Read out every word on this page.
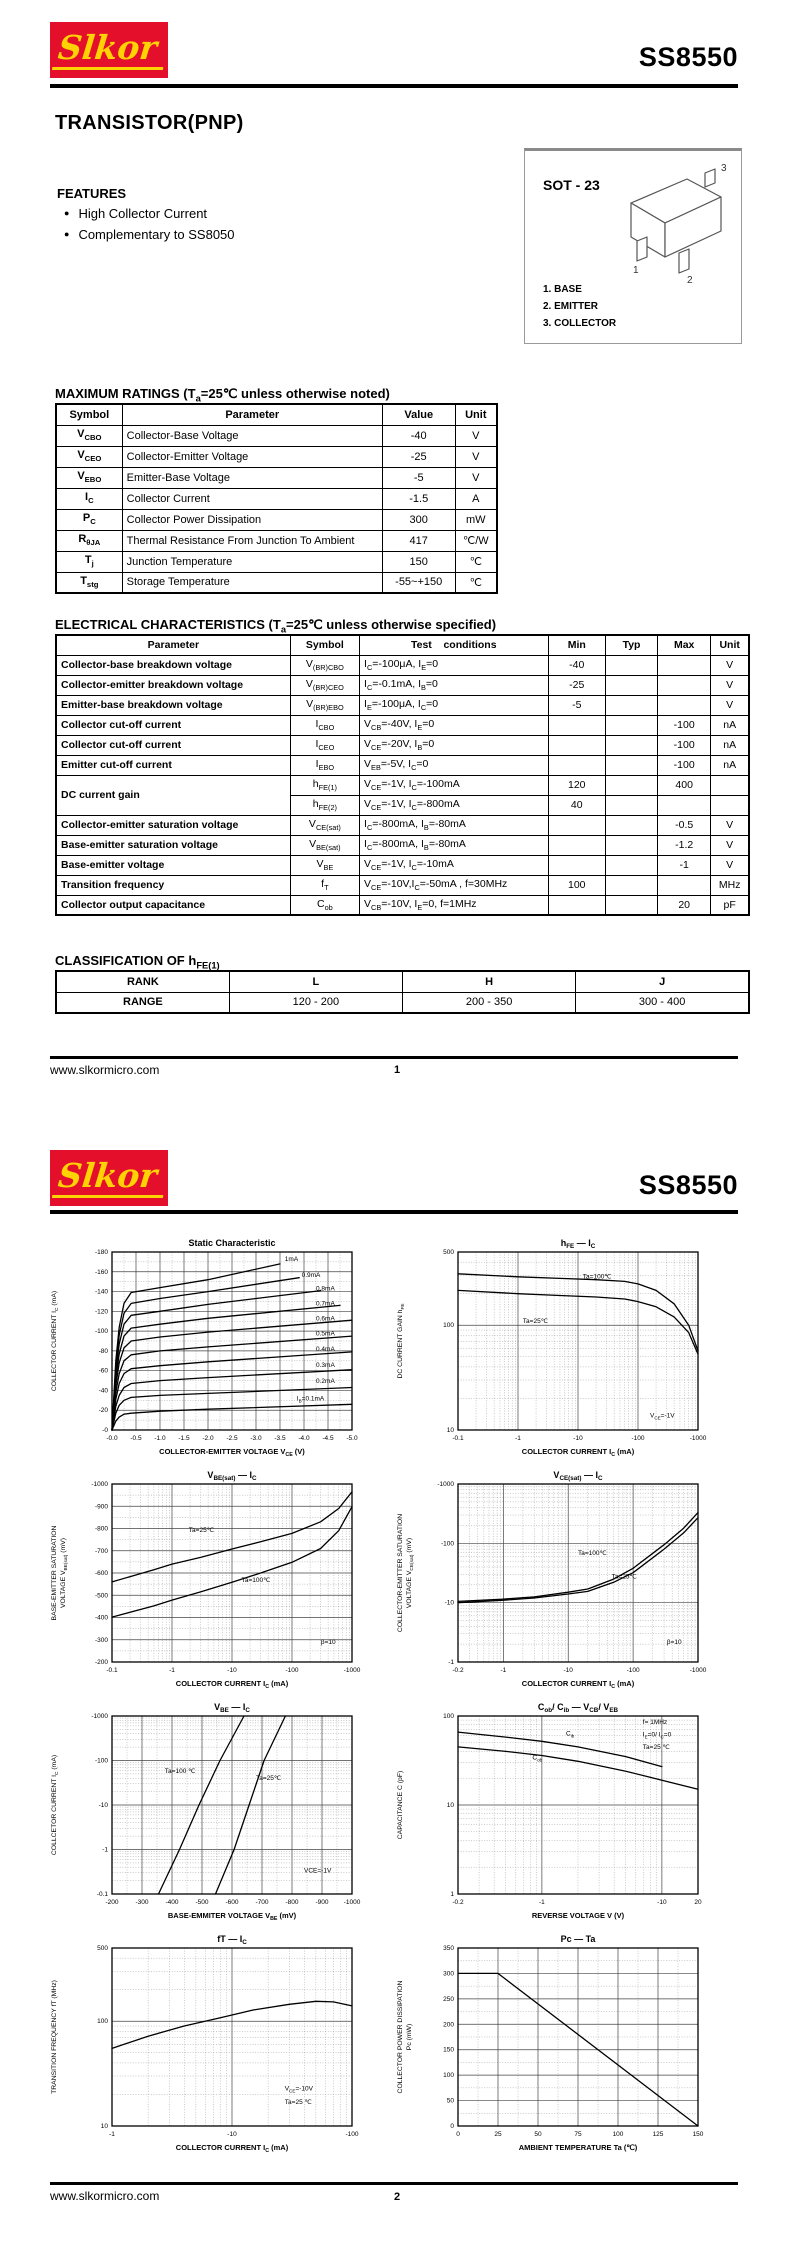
Slkor	SS8550
TRANSISTOR(PNP)
FEATURES
● High Collector Current
● Complementary to SS8050
SOT - 23
1
2
3
1. BASE
2. EMITTER
3. COLLECTOR
MAXIMUM RATINGS ($T_a=25℃$ unless otherwise noted)
Symbol	Parameter	Value	Unit
$V_{CBO}$	Collector-Base Voltage	-40	V
$V_{CEO}$	Collector-Emitter Voltage	-25	V
$V_{EBO}$	Emitter-Base Voltage	-5	V
$I_C$	Collector Current	-1.5	A
$P_C$	Collector Power Dissipation	300	mW
$R_{\theta JA}$	Thermal Resistance From Junction To Ambient	417	℃/W
$T_j$	Junction Temperature	150	℃
$T_{stg}$	Storage Temperature	-55~+150	℃
ELECTRICAL CHARACTERISTICS ($T_a=25℃$ unless otherwise specified)
Parameter	Symbol	Test    conditions	Min	Typ	Max	Unit
Collector-base breakdown voltage	$V_{(BR)CBO}$	$I_C=-100\mu A$, $I_E=0$	-40			V
Collector-emitter breakdown voltage	$V_{(BR)CEO}$	$I_C=-0.1mA$, $I_B=0$	-25			V
Emitter-base breakdown voltage	$V_{(BR)EBO}$	$I_E=-100\mu A$, $I_C=0$	-5			V
Collector cut-off current	$I_{CBO}$	$V_{CB}=-40V$, $I_E=0$			-100	nA
Collector cut-off current	$I_{CEO}$	$V_{CE}=-20V$, $I_B=0$			-100	nA
Emitter cut-off current	$I_{EBO}$	$V_{EB}=-5V$, $I_C=0$			-100	nA
DC current gain	$h_{FE(1)}$	$V_{CE}=-1V$, $I_C=-100mA$	120		400	
	$h_{FE(2)}$	$V_{CE}=-1V$, $I_C=-800mA$	40			
Collector-emitter saturation voltage	$V_{CE(sat)}$	$I_C=-800mA$, $I_B=-80mA$			-0.5	V
Base-emitter saturation voltage	$V_{BE(sat)}$	$I_C=-800mA$, $I_B=-80mA$			-1.2	V
Base-emitter voltage	$V_{BE}$	$V_{CE}=-1V$, $I_C=-10mA$			-1	V
Transition frequency	$f_T$	$V_{CE}=-10V,I_C=-50mA$ , f=30MHz	100			MHz
Collector output capacitance	$C_{ob}$	$V_{CB}=-10V$, $I_E=0$, f=1MHz			20	pF
CLASSIFICATION OF $h_{FE(1)}$
RANK	L	H	J
RANGE	120 - 200	200 - 350	300 - 400
www.slkormicro.com	1
Slkor	SS8550
1mA
0.9mA
0.8mA
0.7mA
0.6mA
0.5mA
0.4mA
0.3mA
0.2mA
$I_B=0.1mA$
-0.0 -0.5 -1.0 -1.5 -2.0 -2.5 -3.0 -3.5 -4.0 -4.5 -5.0
-0
-20
-40
-60
-80
-100
-120
-140
-160
-180
Static Characteristic
COLLECTOR-EMITTER VOLTAGE $V_{CE}$ (V)
COLLECTOR CURRENT $I_C$ (mA)
Ta=100℃
Ta=25℃
-0.1	-1	-10	-100	-1000
10
100
500
$V_{CE}=-1V$
$h_{FE}$ — $I_C$
COLLECTOR CURRENT $I_C$ (mA)
DC CURRENT GAIN $h_{FE}$
Ta=25℃
Ta=100℃
-0.1	-1	-10	-100	-1000
-200
-300
-400
-500
-600
-700
-800
-900
-1000
β=10
$V_{BE(sat)}$ — $I_C$
COLLECTOR CURRENT $I_C$ (mA)
BASE-EMITTER SATURATION VOLTAGE $V_{BE(sat)}$ (mV)	Ta=100℃
Ta=25℃
-0.2	-1	-10	-100	-1000
-1
-10
-100
-1000
β=10
$V_{CE(sat)}$ — $I_C$
COLLECTOR CURRENT $I_C$ (mA)
COLLECTOR-EMITTER SATURATION VOLTAGE $V_{CE(sat)}$ (mV)
Ta=100 ℃
Ta=25℃
-200	-300	-400	-500	-600	-700	-800	-900 -1000
-0.1
-1
-10
-100
-1000
VCE=-1V
$V_{BE}$ — $I_C$
BASE-EMMITER VOLTAGE $V_{BE}$ (mV)
COLLCETOR CURRENT $I_C$ (mA)
$C_{ib}$
$C_{ob}$
-0.2	-1	-10	20
1
10
100
f= 1MHz
$I_E=0/$ $I_C=0$
Ta=25 ℃
$C_{ob}/$ $C_{ib}$ — $V_{CB}/$ $V_{EB}$
REVERSE VOLTAGE V (V)
CAPACITANCE C (pF)
-1	-10	-100
10
100
500
$V_{CE}=-10V$
Ta=25 ℃
fT — $I_C$
COLLECTOR CURRENT $I_C$ (mA)
TRANSITION FREQUENCY fT (MHz)
0	25	50	75	100	125	150
0
50
100
150
200
250
300
350
Pc — Ta
AMBIENT TEMPERATURE Ta (℃)
COLLECTOR POWER DISSIPATION Pc (mW)
www.slkormicro.com	2
